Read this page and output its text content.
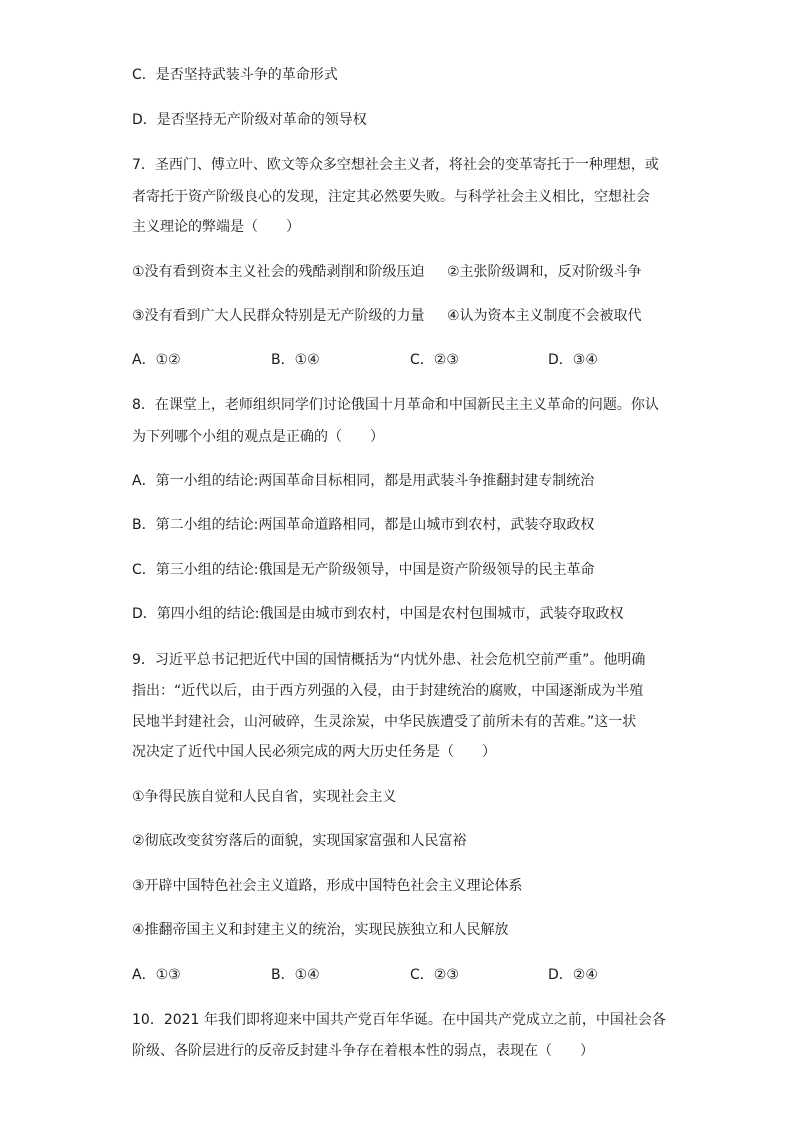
C．是否坚持武装斗争的革命形式
D．是否坚持无产阶级对革命的领导权
7．圣西门、傅立叶、欧文等众多空想社会主义者，将社会的变革寄托于一种理想，或
者寄托于资产阶级良心的发现，注定其必然要失败。与科学社会主义相比，空想社会
主义理论的弊端是（　　）
①没有看到资本主义社会的残酷剥削和阶级压迫 ②主张阶级调和，反对阶级斗争
③没有看到广大人民群众特别是无产阶级的力量 ④认为资本主义制度不会被取代
A．①②	B．①④	C．②③	D．③④
8．在课堂上，老师组织同学们讨论俄国十月革命和中国新民主主义革命的问题。你认
为下列哪个小组的观点是正确的（　　）
A．第一小组的结论:两国革命目标相同，都是用武装斗争推翻封建专制统治
B．第二小组的结论:两国革命道路相同，都是山城市到农村，武装夺取政权
C．第三小组的结论:俄国是无产阶级领导，中国是资产阶级领导的民主革命
D．第四小组的结论:俄国是由城市到农村，中国是农村包围城市，武装夺取政权
9．习近平总书记把近代中国的国情概括为“内忧外患、社会危机空前严重”。他明确
指出：“近代以后，由于西方列强的入侵，由于封建统治的腐败，中国逐渐成为半殖
民地半封建社会，山河破碎，生灵涂炭，中华民族遭受了前所未有的苦难。”这一状
况决定了近代中国人民必须完成的两大历史任务是（　　）
①争得民族自觉和人民自省，实现社会主义
②彻底改变贫穷落后的面貌，实现国家富强和人民富裕
③开辟中国特色社会主义道路，形成中国特色社会主义理论体系
④推翻帝国主义和封建主义的统治，实现民族独立和人民解放
A．①③	B．①④	C．②③	D．②④
10．2021 年我们即将迎来中国共产党百年华诞。在中国共产党成立之前，中国社会各
阶级、各阶层进行的反帝反封建斗争存在着根本性的弱点，表现在（　　）
